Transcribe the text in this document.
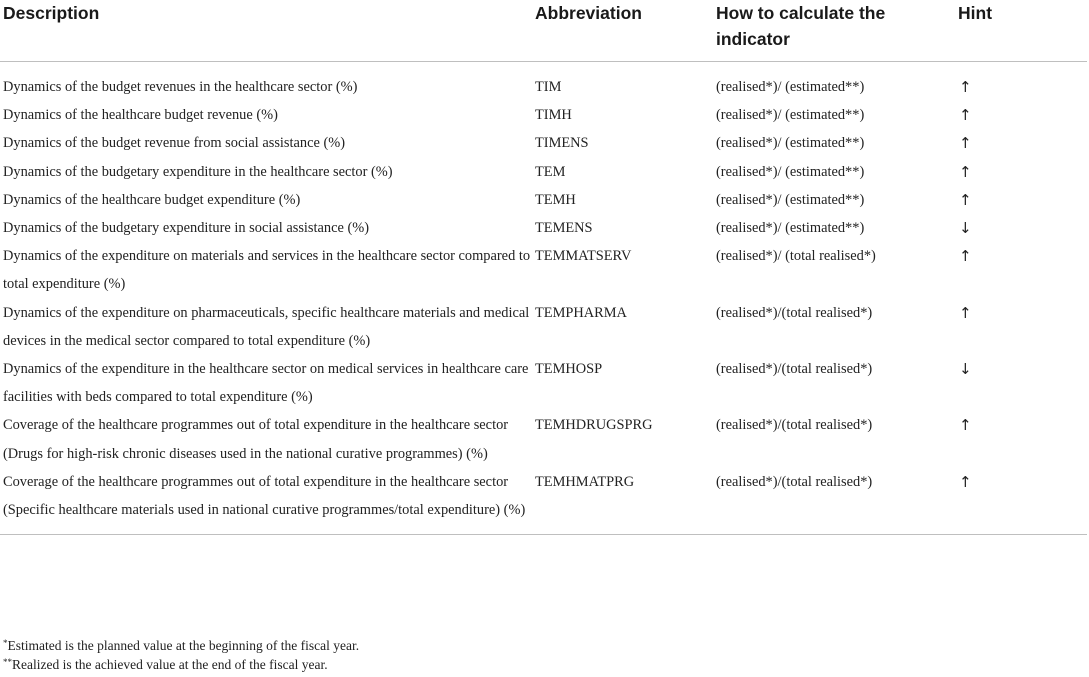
Description	Abbreviation	How to calculate the indicator	Hint
Dynamics of the budget revenues in the healthcare sector (%)	TIM	(realised*)/ (estimated**)	↑
Dynamics of the healthcare budget revenue (%)	TIMH	(realised*)/ (estimated**)	↑
Dynamics of the budget revenue from social assistance (%)	TIMENS	(realised*)/ (estimated**)	↑
Dynamics of the budgetary expenditure in the healthcare sector (%)	TEM	(realised*)/ (estimated**)	↑
Dynamics of the healthcare budget expenditure (%)	TEMH	(realised*)/ (estimated**)	↑
Dynamics of the budgetary expenditure in social assistance (%)	TEMENS	(realised*)/ (estimated**)	↓
Dynamics of the expenditure on materials and services in the healthcare sector compared to total expenditure (%)	TEMMATSERV	(realised*)/ (total realised*)	↑
Dynamics of the expenditure on pharmaceuticals, specific healthcare materials and medical devices in the medical sector compared to total expenditure (%)	TEMPHARMA	(realised*)/(total realised*)	↑
Dynamics of the expenditure in the healthcare sector on medical services in healthcare care facilities with beds compared to total expenditure (%)	TEMHOSP	(realised*)/(total realised*)	↓
Coverage of the healthcare programmes out of total expenditure in the healthcare sector (Drugs for high-risk chronic diseases used in the national curative programmes) (%)	TEMHDRUGSPRG	(realised*)/(total realised*)	↑
Coverage of the healthcare programmes out of total expenditure in the healthcare sector (Specific healthcare materials used in national curative programmes/total expenditure) (%)	TEMHMATPRG	(realised*)/(total realised*)	↑
*Estimated is the planned value at the beginning of the fiscal year.
**Realized is the achieved value at the end of the fiscal year.
